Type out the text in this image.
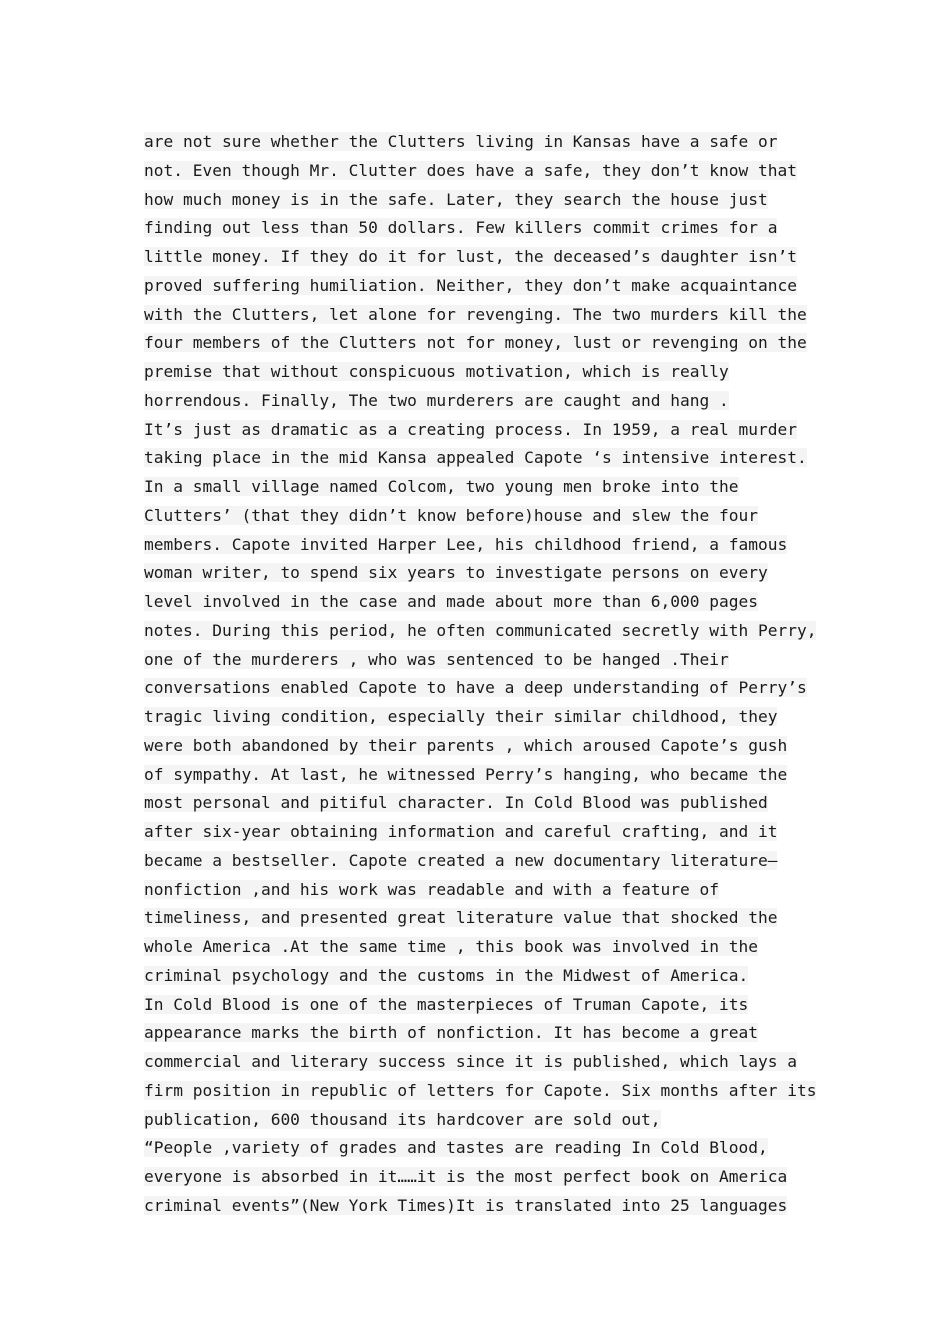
are not sure whether the Clutters living in Kansas have a safe or
not. Even though Mr. Clutter does have a safe, they don’t know that
how much money is in the safe. Later, they search the house just
finding out less than 50 dollars. Few killers commit crimes for a
little money. If they do it for lust, the deceased’s daughter isn’t
proved suffering humiliation. Neither, they don’t make acquaintance
with the Clutters, let alone for revenging. The two murders kill the
four members of the Clutters not for money, lust or revenging on the
premise that without conspicuous motivation, which is really
horrendous. Finally, The two murderers are caught and hang .
It’s just as dramatic as a creating process. In 1959, a real murder
taking place in the mid Kansa appealed Capote ‘s intensive interest.
In a small village named Colcom, two young men broke into the
Clutters’ (that they didn’t know before)house and slew the four
members. Capote invited Harper Lee, his childhood friend, a famous
woman writer, to spend six years to investigate persons on every
level involved in the case and made about more than 6,000 pages
notes. During this period, he often communicated secretly with Perry,
one of the murderers , who was sentenced to be hanged .Their
conversations enabled Capote to have a deep understanding of Perry’s
tragic living condition, especially their similar childhood, they
were both abandoned by their parents , which aroused Capote’s gush
of sympathy. At last, he witnessed Perry’s hanging, who became the
most personal and pitiful character. In Cold Blood was published
after six-year obtaining information and careful crafting, and it
became a bestseller. Capote created a new documentary literature—
nonfiction ,and his work was readable and with a feature of
timeliness, and presented great literature value that shocked the
whole America .At the same time , this book was involved in the
criminal psychology and the customs in the Midwest of America.
In Cold Blood is one of the masterpieces of Truman Capote, its
appearance marks the birth of nonfiction. It has become a great
commercial and literary success since it is published, which lays a
firm position in republic of letters for Capote. Six months after its
publication, 600 thousand its hardcover are sold out,
“People ,variety of grades and tastes are reading In Cold Blood,
everyone is absorbed in it……it is the most perfect book on America
criminal events”(New York Times)It is translated into 25 languages
